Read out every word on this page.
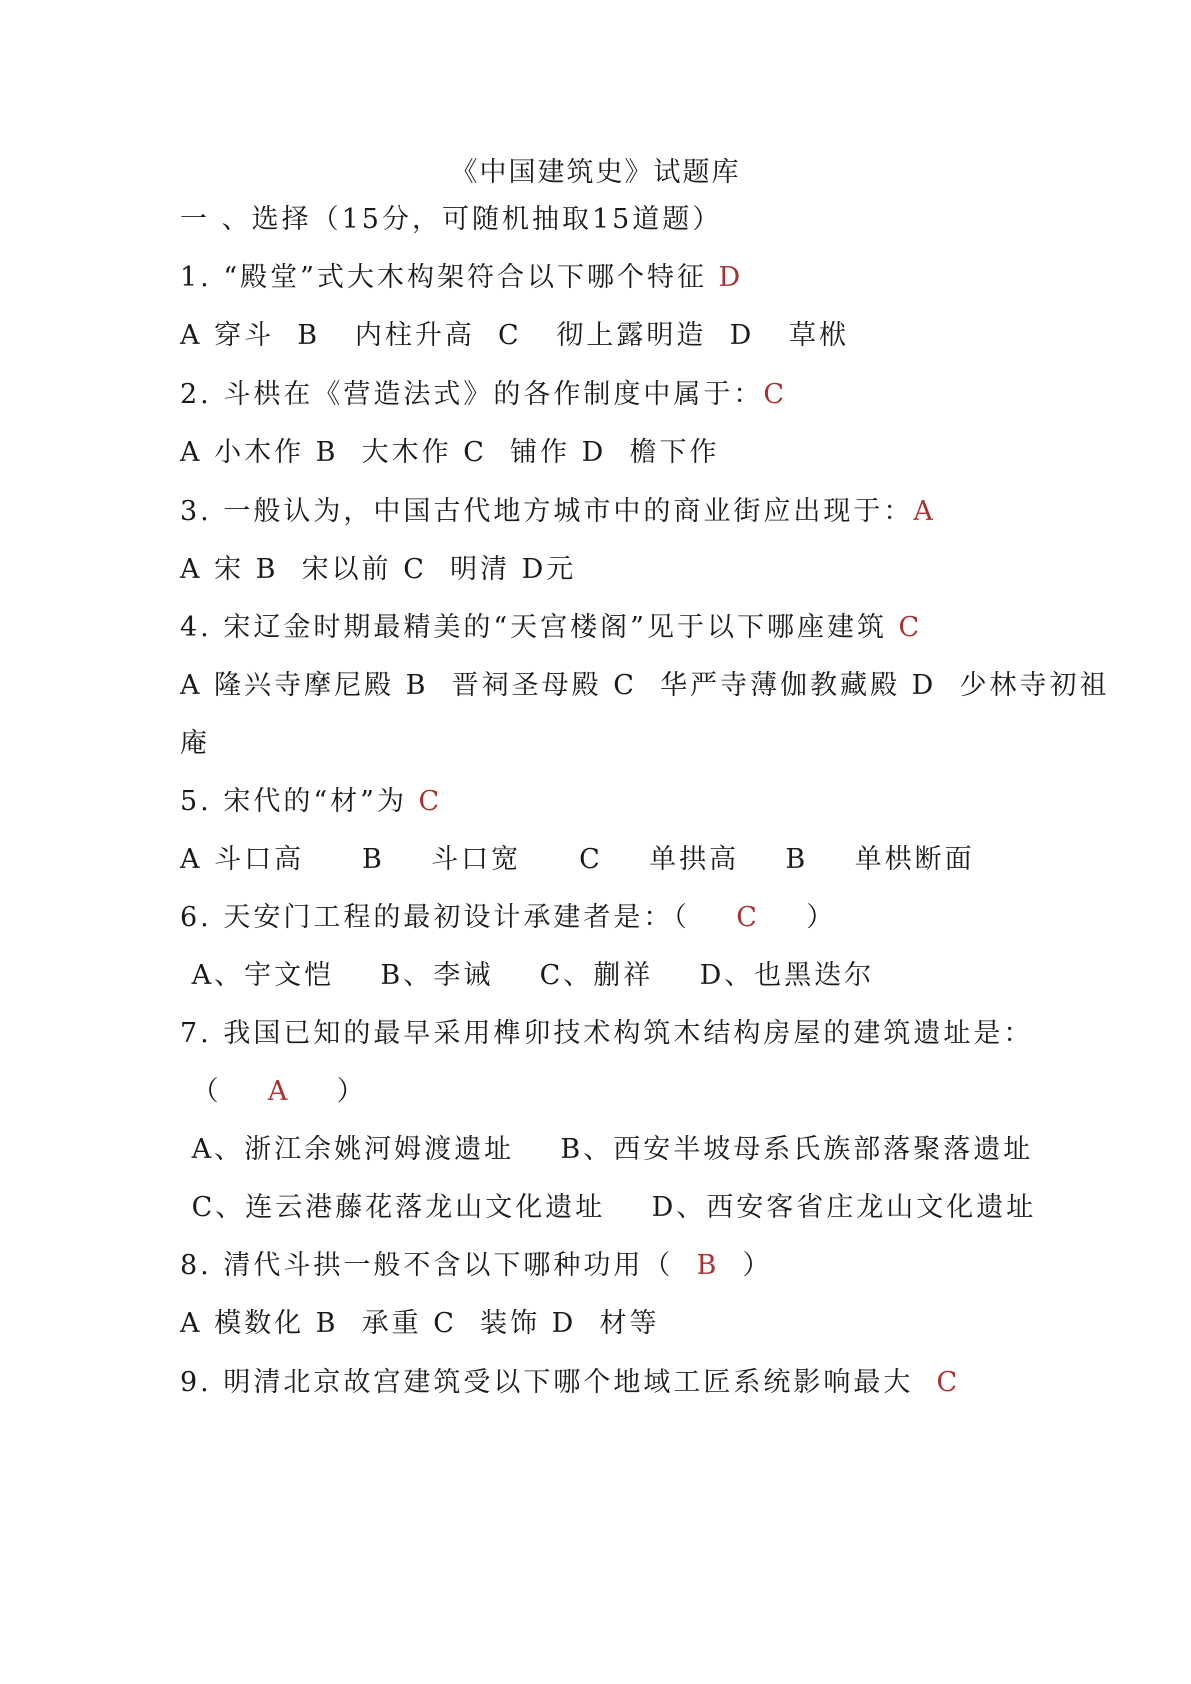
《中国建筑史》试题库
一 、选择（15分，可随机抽取15道题）
1. “殿堂”式大木构架符合以下哪个特征 D
A 穿斗  B   内柱升高  C   彻上露明造  D   草栿
2. 斗栱在《营造法式》的各作制度中属于：C
A 小木作 B  大木作 C  铺作 D  檐下作
3. 一般认为，中国古代地方城市中的商业街应出现于：A
A 宋 B  宋以前 C  明清 D元
4. 宋辽金时期最精美的“天宫楼阁”见于以下哪座建筑 C
A 隆兴寺摩尼殿 B  晋祠圣母殿 C  华严寺薄伽教藏殿 D  少林寺初祖
庵
5. 宋代的“材”为 C
A 斗口高     B    斗口宽     C    单拱高    B    单栱断面
6. 天安门工程的最初设计承建者是：（    C    ）
A、宇文恺    B、李诫    C、蒯祥    D、也黑迭尔
7. 我国已知的最早采用榫卯技术构筑木结构房屋的建筑遗址是：
（    A    ）
A、浙江余姚河姆渡遗址    B、西安半坡母系氏族部落聚落遗址
C、连云港藤花落龙山文化遗址    D、西安客省庄龙山文化遗址
8. 清代斗拱一般不含以下哪种功用（  B  ）
A 模数化 B  承重 C  装饰 D  材等
9. 明清北京故宫建筑受以下哪个地域工匠系统影响最大  C
